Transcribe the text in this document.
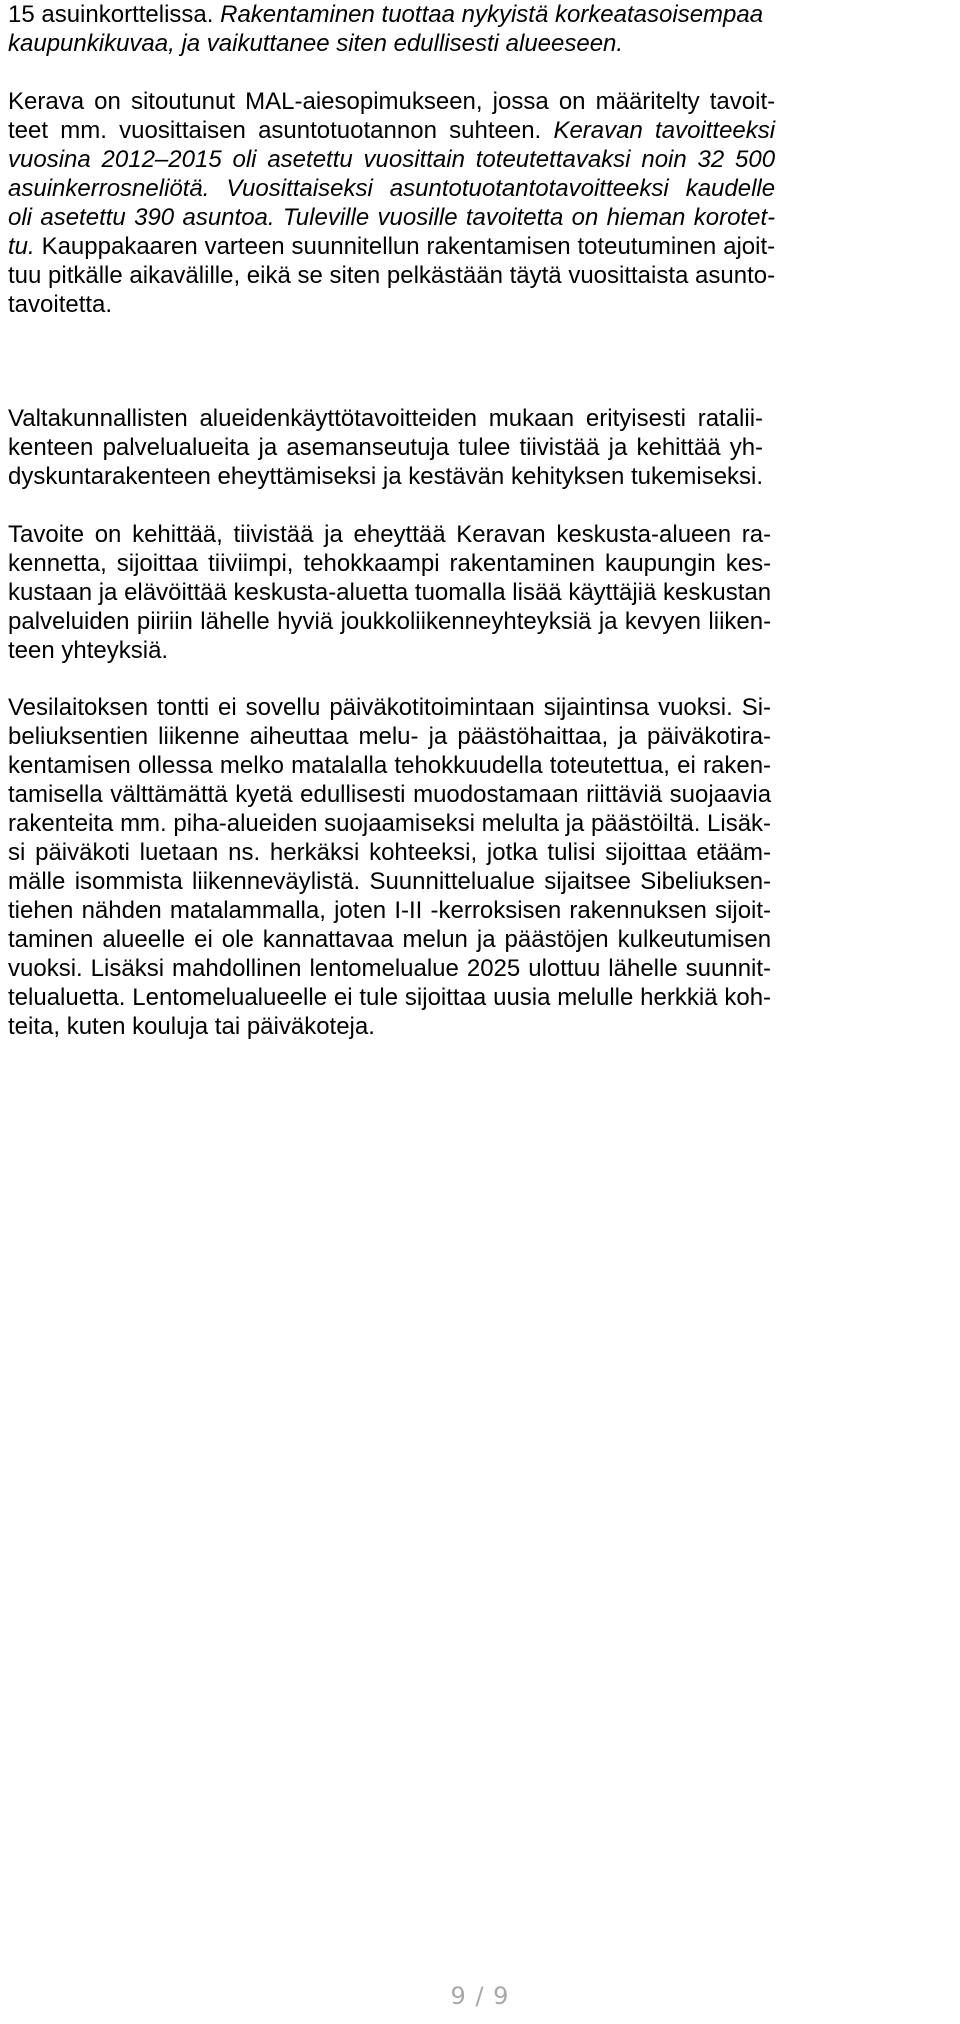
15 asuinkorttelissa. Rakentaminen tuottaa nykyistä korkeatasoisempaa
kaupunkikuvaa, ja vaikuttanee siten edullisesti alueeseen.
Kerava on sitoutunut MAL-aiesopimukseen, jossa on määritelty tavoit-
teet mm. vuosittaisen asuntotuotannon suhteen. Keravan tavoitteeksi
vuosina 2012–2015 oli asetettu vuosittain toteutettavaksi noin 32 500
asuinkerrosneliötä. Vuosittaiseksi asuntotuotantotavoitteeksi kaudelle
oli asetettu 390 asuntoa. Tuleville vuosille tavoitetta on hieman korotet-
tu. Kauppakaaren varteen suunnitellun rakentamisen toteutuminen ajoit-
tuu pitkälle aikavälille, eikä se siten pelkästään täytä vuosittaista asunto-
tavoitetta.
Valtakunnallisten alueidenkäyttötavoitteiden mukaan erityisesti ratalii-
kenteen palvelualueita ja asemanseutuja tulee tiivistää ja kehittää yh-
dyskuntarakenteen eheyttämiseksi ja kestävän kehityksen tukemiseksi.
Tavoite on kehittää, tiivistää ja eheyttää Keravan keskusta-alueen ra-
kennetta, sijoittaa tiiviimpi, tehokkaampi rakentaminen kaupungin kes-
kustaan ja elävöittää keskusta-aluetta tuomalla lisää käyttäjiä keskustan
palveluiden piiriin lähelle hyviä joukkoliikenneyhteyksiä ja kevyen liiken-
teen yhteyksiä.
Vesilaitoksen tontti ei sovellu päiväkotitoimintaan sijaintinsa vuoksi. Si-
beliuksentien liikenne aiheuttaa melu- ja päästöhaittaa, ja päiväkotira-
kentamisen ollessa melko matalalla tehokkuudella toteutettua, ei raken-
tamisella välttämättä kyetä edullisesti muodostamaan riittäviä suojaavia
rakenteita mm. piha-alueiden suojaamiseksi melulta ja päästöiltä. Lisäk-
si päiväkoti luetaan ns. herkäksi kohteeksi, jotka tulisi sijoittaa etääm-
mälle isommista liikenneväylistä. Suunnittelualue sijaitsee Sibeliuksen-
tiehen nähden matalammalla, joten I-II -kerroksisen rakennuksen sijoit-
taminen alueelle ei ole kannattavaa melun ja päästöjen kulkeutumisen
vuoksi. Lisäksi mahdollinen lentomelualue 2025 ulottuu lähelle suunnit-
telualuetta. Lentomelualueelle ei tule sijoittaa uusia melulle herkkiä koh-
teita, kuten kouluja tai päiväkoteja.
9 / 9
